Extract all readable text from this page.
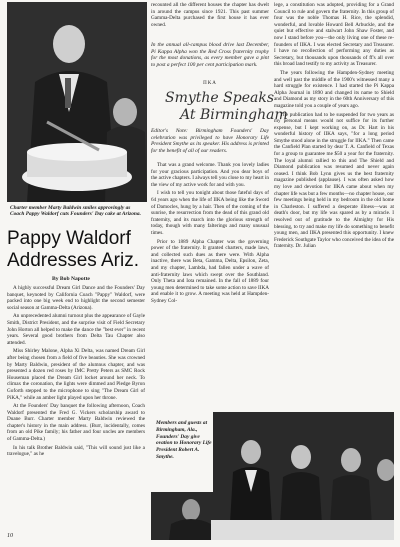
Charter member Marty Baldwin smiles approvingly as Coach Pappy Waldorf cuts Founders' Day cake at Arizona.
Pappy Waldorf
Addresses Ariz.
By Bob Napotte

A highly successful Dream Girl Dance and the Founders' Day banquet, keynoted by California Coach "Pappy" Waldorf, were packed into one big week end to highlight the second semester social season at Gamma-Delta (Arizona).

An unprecedented alumni turnout plus the appearance of Gayle Smith, District President, and the surprise visit of Field Secretary John Horton all helped to make the dance the "best ever" in recent years. Several good brothers from Delta Tau Chapter also attended.

Miss Shirley Malone, Alpha Xi Delta, was named Dream Girl after being chosen from a field of five beauties. She was crowned by Marty Baldwin, president of the alumnus chapter, and was presented a dozen red roses by IMC Pretty Peters as SMC Rock Houseman placed the Dream Girl locket around her neck. To climax the coronation, the lights were dimmed and Pledge Byron Goforth stepped to the microphone to sing "The Dream Girl of PiKA," while an amber light played upon her throne.

At the Founders' Day banquet the following afternoon, Coach Waldorf presented the Fred G. Vickers scholarship award to Duane Burr. Charter member Marty Baldwin reviewed the chapter's history in the main address. (Burr, incidentally, comes from an old Pike family; his father and four uncles are members of Gamma-Delta.)

In his talk Brother Baldwin said, "This will sound just like a travelogue," as he

recounted all the different houses the chapter has dwelt in around the campus since 1921. This past summer Gamma-Delta purchased the first house it has ever owned.

In the annual all-campus blood drive last December, Pi Kappa Alpha won the Red Cross fraternity trophy for the most donations, as every member gave a pint to post a perfect 100 per cent participation mark.
ΠΚΑ
Smythe Speaks
At Birmingham
Editor's Note: Birmingham Founders' Day celebration was privileged to have Honorary Life President Smythe as its speaker. His address is printed for the benefit of all of our readers.

That was a grand welcome. Thank you lovely ladies for your gracious participation. And you dear boys of the active chapters. I always tell you close to my heart in the view of my active work for and with you.

I wish to tell you tonight about those fateful days of 64 years ago when the life of IIKA being like the Sword of Damocles, hung by a hair. Then of the coming of the sunrise, the resurrection from the dead of this grand old fraternity, and its march into the glorious strength of today, though with many falterings and many unusual times.

Prior to 1889 Alpha Chapter was the governing power of the fraternity. It granted charters, made laws, and collected such dues as there were. With Alpha inactive, there was Beta, Gamma, Delta, Epsilon, Zeta, and my chapter, Lambda, had fallen under a wave of anti-fraternity laws which swept over the Southland. Only Theta and Iota remained. In the fall of 1889 four young men determined to take some action to save IIKA and enable it to grow. A meeting was held at Hampden-Sydney Col-

lege, a constitution was adopted, providing for a Grand Council to rule and govern the fraternity. In this group of four was the noble Thomas H. Rice, the splendid, wonderful, and lovable Howard Bell Arbuckle, and the quiet but effective and stalwart John Shaw Foster, and now I stand before you—the only living one of these re-founders of IIKA. I was elected Secretary and Treasurer. I have no recollection of performing any duties as Secretary, but thousands upon thousands of ff's all over this broad land testify to my activity as Treasurer.

The years following the Hampden-Sydney meeting and well past the middle of the 1900's witnessed many a hard struggle for existence. I had started the Pi Kappa Alpha Journal in 1890 and changed its name to Shield and Diamond as my story in the 60th Anniversary of this magazine told you a couple of years ago.

The publication had to be suspended for two years as my personal means would not suffice for its further expense, but I kept working on, as Dr. Hart in his wonderful history of IIKA says, "for a long period Smythe stood alone in the struggle for IIKA." Then came the Canfield Plan started by dear T. A. Canfield of Texas for a group to guarantee me $50 a year for the fraternity. The loyal alumni rallied to this and The Shield and Diamond publication was resumed and never again ceased. I think Bob Lynn gives us the best fraternity magazine published (applause). I was often asked how my love and devotion for IIKA came about when my chapter life was but a few months—no chapter house, our few meetings being held in my bedroom in the old home in Charleston. I suffered a desperate illness—was at death's door, but my life was spared as by a miracle. I resolved out of gratitude to the Almighty for His blessing, to try and make my life do something to benefit young men, and IIKA presented this opportunity. I knew Frederick Southgate Taylor who conceived the idea of the fraternity. Dr. Julian

Members and guests at Birmingham, Ala., Founders' Day give ovation to Honorary Life President Robert A. Smythe.
10
